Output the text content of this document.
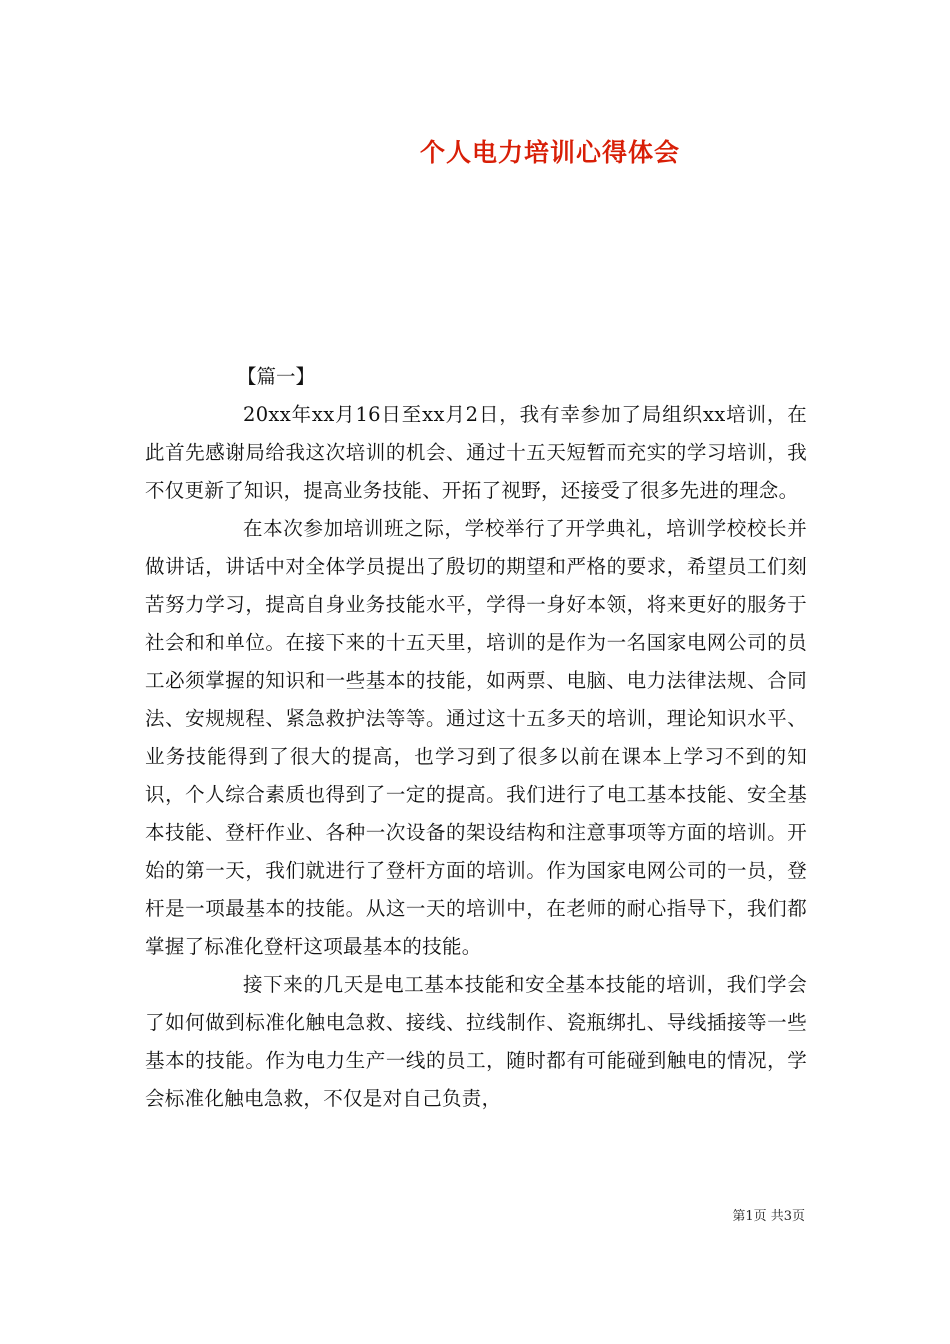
个人电力培训心得体会
【篇一】

20xx年xx月16日至xx月2日，我有幸参加了局组织xx培训，在此首先感谢局给我这次培训的机会、通过十五天短暂而充实的学习培训，我不仅更新了知识，提高业务技能、开拓了视野，还接受了很多先进的理念。

在本次参加培训班之际，学校举行了开学典礼，培训学校校长并做讲话，讲话中对全体学员提出了殷切的期望和严格的要求，希望员工们刻苦努力学习，提高自身业务技能水平，学得一身好本领，将来更好的服务于社会和和单位。在接下来的十五天里，培训的是作为一名国家电网公司的员工必须掌握的知识和一些基本的技能，如两票、电脑、电力法律法规、合同法、安规规程、紧急救护法等等。通过这十五多天的培训，理论知识水平、业务技能得到了很大的提高，也学习到了很多以前在课本上学习不到的知识，个人综合素质也得到了一定的提高。我们进行了电工基本技能、安全基本技能、登杆作业、各种一次设备的架设结构和注意事项等方面的培训。开始的第一天，我们就进行了登杆方面的培训。作为国家电网公司的一员，登杆是一项最基本的技能。从这一天的培训中，在老师的耐心指导下，我们都掌握了标准化登杆这项最基本的技能。

接下来的几天是电工基本技能和安全基本技能的培训，我们学会了如何做到标准化触电急救、接线、拉线制作、瓷瓶绑扎、导线插接等一些基本的技能。作为电力生产一线的员工，随时都有可能碰到触电的情况，学会标准化触电急救，不仅是对自己负责，

第1页 共3页
